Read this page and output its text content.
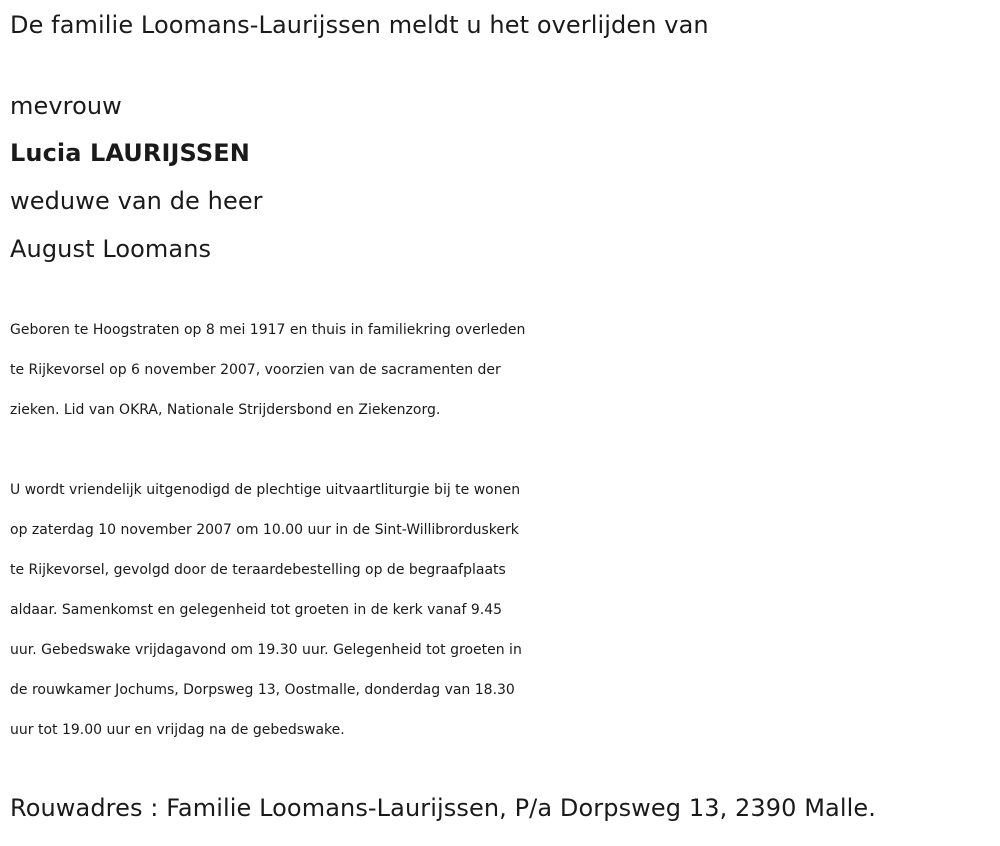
De familie Loomans-Laurijssen meldt u het overlijden van
mevrouw
Lucia LAURIJSSEN
weduwe van de heer
August Loomans
Geboren te Hoogstraten op 8 mei 1917 en thuis in familiekring overleden
te Rijkevorsel op 6 november 2007, voorzien van de sacramenten der
zieken. Lid van OKRA, Nationale Strijdersbond en Ziekenzorg.
U wordt vriendelijk uitgenodigd de plechtige uitvaartliturgie bij te wonen
op zaterdag 10 november 2007 om 10.00 uur in de Sint-Willibrorduskerk
te Rijkevorsel, gevolgd door de teraardebestelling op de begraafplaats
aldaar. Samenkomst en gelegenheid tot groeten in de kerk vanaf 9.45
uur. Gebedswake vrijdagavond om 19.30 uur. Gelegenheid tot groeten in
de rouwkamer Jochums, Dorpsweg 13, Oostmalle, donderdag van 18.30
uur tot 19.00 uur en vrijdag na de gebedswake.
Rouwadres : Familie Loomans-Laurijssen, P/a Dorpsweg 13, 2390 Malle.
